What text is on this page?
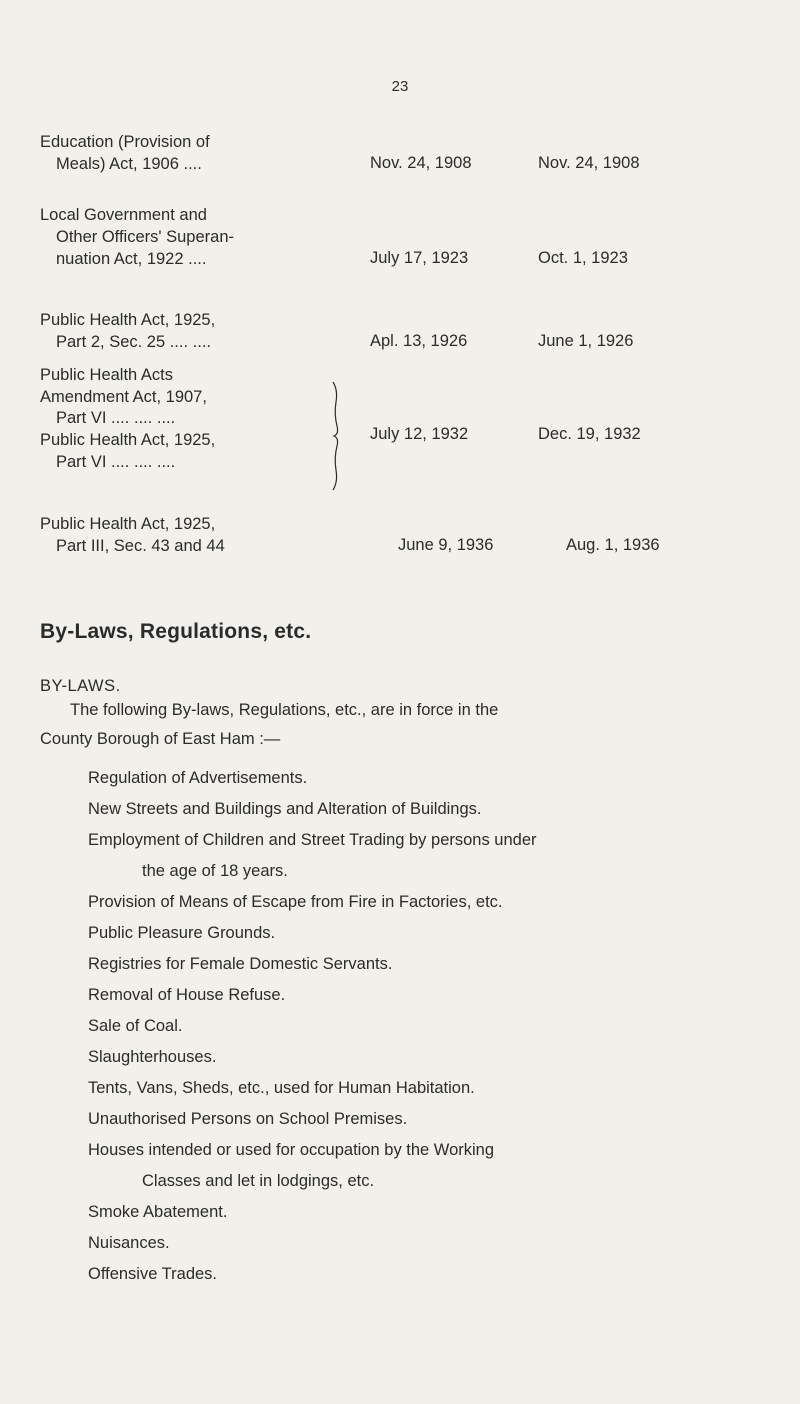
23
Education (Provision of
Meals) Act, 1906 ....	Nov. 24, 1908	Nov. 24, 1908
Local Government and
Other Officers' Superan-
nuation Act, 1922 ....	July 17, 1923	Oct. 1, 1923
Public Health Act, 1925,
Part 2, Sec. 25 .... ....	Apl. 13, 1926	June 1, 1926
Public Health Acts
Amendment Act, 1907,
Part VI .... .... ....
Public Health Act, 1925,
Part VI .... .... ....
July 12, 1932	Dec. 19, 1932
Public Health Act, 1925,
Part III, Sec. 43 and 44	June 9, 1936	Aug. 1, 1936
By-Laws, Regulations, etc.
BY-LAWS.
The following By-laws, Regulations, etc., are in force in the
County Borough of East Ham :—
Regulation of Advertisements.
New Streets and Buildings and Alteration of Buildings.
Employment of Children and Street Trading by persons under
the age of 18 years.
Provision of Means of Escape from Fire in Factories, etc.
Public Pleasure Grounds.
Registries for Female Domestic Servants.
Removal of House Refuse.
Sale of Coal.
Slaughterhouses.
Tents, Vans, Sheds, etc., used for Human Habitation.
Unauthorised Persons on School Premises.
Houses intended or used for occupation by the Working
Classes and let in lodgings, etc.
Smoke Abatement.
Nuisances.
Offensive Trades.
